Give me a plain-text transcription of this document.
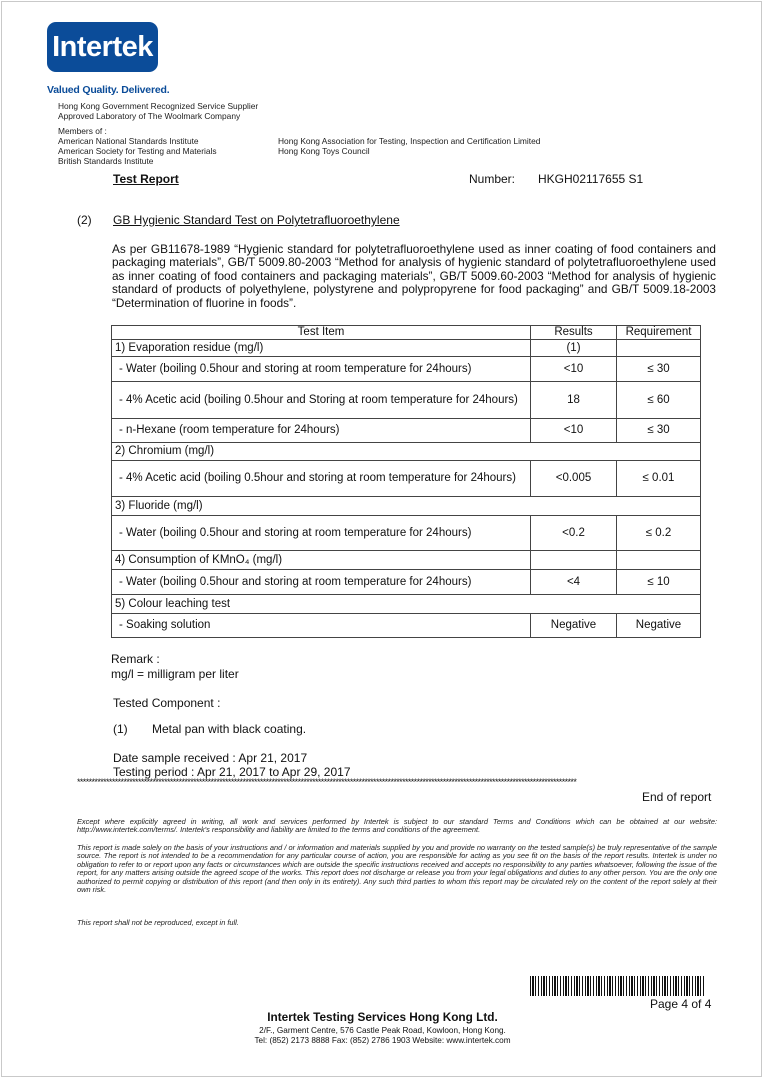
Intertek
Valued Quality. Delivered.
Hong Kong Government Recognized Service Supplier
Approved Laboratory of The Woolmark Company
Members of :
American National Standards Institute
American Society for Testing and Materials
British Standards Institute
Hong Kong Association for Testing, Inspection and Certification Limited
Hong Kong Toys Council
Test Report	Number: HKGH02117655 S1
(2) GB Hygienic Standard Test on Polytetrafluoroethylene
As per GB11678-1989 “Hygienic standard for polytetrafluoroethylene used as inner coating of food containers and packaging materials”, GB/T 5009.80-2003 “Method for analysis of hygienic standard of polytetrafluoroethylene used as inner coating of food containers and packaging materials”, GB/T 5009.60-2003 “Method for analysis of hygienic standard of products of polyethylene, polystyrene and polypropyrene for food packaging” and GB/T 5009.18-2003 “Determination of fluorine in foods”.
Test Item	Results	Requirement
1) Evaporation residue (mg/l)	(1)	
- Water (boiling 0.5hour and storing at room temperature for 24hours)	<10	≤ 30
- 4% Acetic acid (boiling 0.5hour and Storing at room temperature for 24hours)	18	≤ 60
- n-Hexane (room temperature for 24hours)	<10	≤ 30
2) Chromium (mg/l)		
- 4% Acetic acid (boiling 0.5hour and storing at room temperature for 24hours)	<0.005	≤ 0.01
3) Fluoride (mg/l)		
- Water (boiling 0.5hour and storing at room temperature for 24hours)	<0.2	≤ 0.2
4) Consumption of KMnO₄ (mg/l)		
- Water (boiling 0.5hour and storing at room temperature for 24hours)	<4	≤ 10
5) Colour leaching test		
- Soaking solution	Negative	Negative
Remark :
mg/l = milligram per liter
Tested Component :
(1) Metal pan with black coating.
Date sample received : Apr 21, 2017
Testing period : Apr 21, 2017 to Apr 29, 2017
****************************************************************************************************************************************************************************
End of report
Except where explicitly agreed in writing, all work and services performed by Intertek is subject to our standard Terms and Conditions which can be obtained at our website: http://www.intertek.com/terms/. Intertek's responsibility and liability are limited to the terms and conditions of the agreement.
This report is made solely on the basis of your instructions and / or information and materials supplied by you and provide no warranty on the tested sample(s) be truly representative of the sample source. The report is not intended to be a recommendation for any particular course of action, you are responsible for acting as you see fit on the basis of the report results. Intertek is under no obligation to refer to or report upon any facts or circumstances which are outside the specific instructions received and accepts no responsibility to any parties whatsoever, following the issue of the report, for any matters arising outside the agreed scope of the works. This report does not discharge or release you from your legal obligations and duties to any other person. You are the only one authorized to permit copying or distribution of this report (and then only in its entirety). Any such third parties to whom this report may be circulated rely on the content of the report solely at their own risk.
This report shall not be reproduced, except in full.
Page 4 of 4
Intertek Testing Services Hong Kong Ltd.
2/F., Garment Centre, 576 Castle Peak Road, Kowloon, Hong Kong.
Tel: (852) 2173 8888 Fax: (852) 2786 1903 Website: www.intertek.com
